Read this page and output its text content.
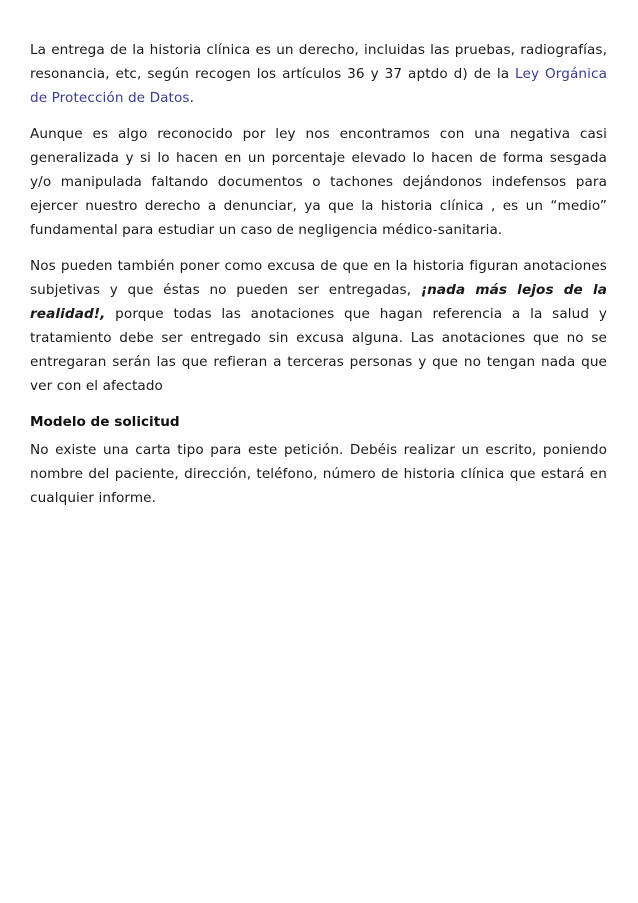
La entrega de la historia clínica es un derecho, incluidas las pruebas, radiografías, resonancia, etc, según recogen los artículos 36 y 37 aptdo d) de la Ley Orgánica de Protección de Datos.

Aunque es algo reconocido por ley nos encontramos con una negativa casi generalizada y si lo hacen en un porcentaje elevado lo hacen de forma sesgada y/o manipulada faltando documentos o tachones dejándonos indefensos para ejercer nuestro derecho a denunciar, ya que la historia clínica , es un “medio” fundamental para estudiar un caso de negligencia médico-sanitaria.

Nos pueden también poner como excusa de que en la historia figuran anotaciones subjetivas y que éstas no pueden ser entregadas, ¡nada más lejos de la realidad!, porque todas las anotaciones que hagan referencia a la salud y tratamiento debe ser entregado sin excusa alguna. Las anotaciones que no se entregaran serán las que refieran a terceras personas y que no tengan nada que ver con el afectado

Modelo de solicitud

No existe una carta tipo para este petición. Debéis realizar un escrito, poniendo nombre del paciente, dirección, teléfono, número de historia clínica que estará en cualquier informe.
